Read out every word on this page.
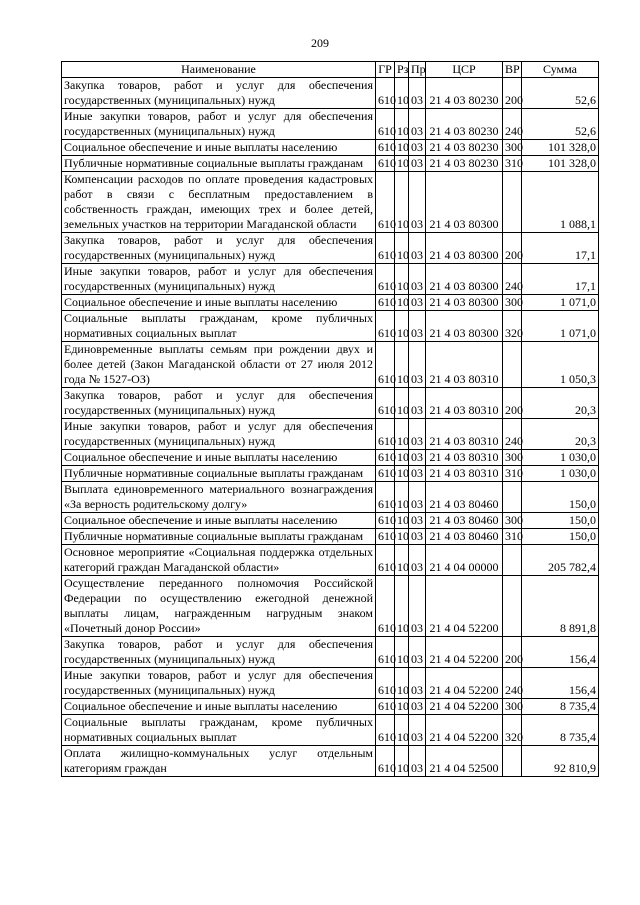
209
Наименование	ГР	Рз	Пр	ЦСР	ВР	Сумма
Закупка товаров, работ и услуг для обеспечения государственных (муниципальных) нужд	610	10	03	21 4 03 80230	200	52,6
Иные закупки товаров, работ и услуг для обеспечения государственных (муниципальных) нужд	610	10	03	21 4 03 80230	240	52,6
Социальное обеспечение и иные выплаты населению	610	10	03	21 4 03 80230	300	101 328,0
Публичные нормативные социальные выплаты гражданам	610	10	03	21 4 03 80230	310	101 328,0
Компенсации расходов по оплате проведения кадастровых работ в связи с бесплатным предоставлением в собственность граждан, имеющих трех и более детей, земельных участков на территории Магаданской области	610	10	03	21 4 03 80300		1 088,1
Закупка товаров, работ и услуг для обеспечения государственных (муниципальных) нужд	610	10	03	21 4 03 80300	200	17,1
Иные закупки товаров, работ и услуг для обеспечения государственных (муниципальных) нужд	610	10	03	21 4 03 80300	240	17,1
Социальное обеспечение и иные выплаты населению	610	10	03	21 4 03 80300	300	1 071,0
Социальные выплаты гражданам, кроме публичных нормативных социальных выплат	610	10	03	21 4 03 80300	320	1 071,0
Единовременные выплаты семьям при рождении двух и более детей (Закон Магаданской области от 27 июля 2012 года № 1527-ОЗ)	610	10	03	21 4 03 80310		1 050,3
Закупка товаров, работ и услуг для обеспечения государственных (муниципальных) нужд	610	10	03	21 4 03 80310	200	20,3
Иные закупки товаров, работ и услуг для обеспечения государственных (муниципальных) нужд	610	10	03	21 4 03 80310	240	20,3
Социальное обеспечение и иные выплаты населению	610	10	03	21 4 03 80310	300	1 030,0
Публичные нормативные социальные выплаты гражданам	610	10	03	21 4 03 80310	310	1 030,0
Выплата единовременного материального вознаграждения «За верность родительскому долгу»	610	10	03	21 4 03 80460		150,0
Социальное обеспечение и иные выплаты населению	610	10	03	21 4 03 80460	300	150,0
Публичные нормативные социальные выплаты гражданам	610	10	03	21 4 03 80460	310	150,0
Основное мероприятие «Социальная поддержка отдельных категорий граждан Магаданской области»	610	10	03	21 4 04 00000		205 782,4
Осуществление переданного полномочия Российской Федерации по осуществлению ежегодной денежной выплаты лицам, награжденным нагрудным знаком «Почетный донор России»	610	10	03	21 4 04 52200		8 891,8
Закупка товаров, работ и услуг для обеспечения государственных (муниципальных) нужд	610	10	03	21 4 04 52200	200	156,4
Иные закупки товаров, работ и услуг для обеспечения государственных (муниципальных) нужд	610	10	03	21 4 04 52200	240	156,4
Социальное обеспечение и иные выплаты населению	610	10	03	21 4 04 52200	300	8 735,4
Социальные выплаты гражданам, кроме публичных нормативных социальных выплат	610	10	03	21 4 04 52200	320	8 735,4
Оплата жилищно-коммунальных услуг отдельным категориям граждан	610	10	03	21 4 04 52500		92 810,9
